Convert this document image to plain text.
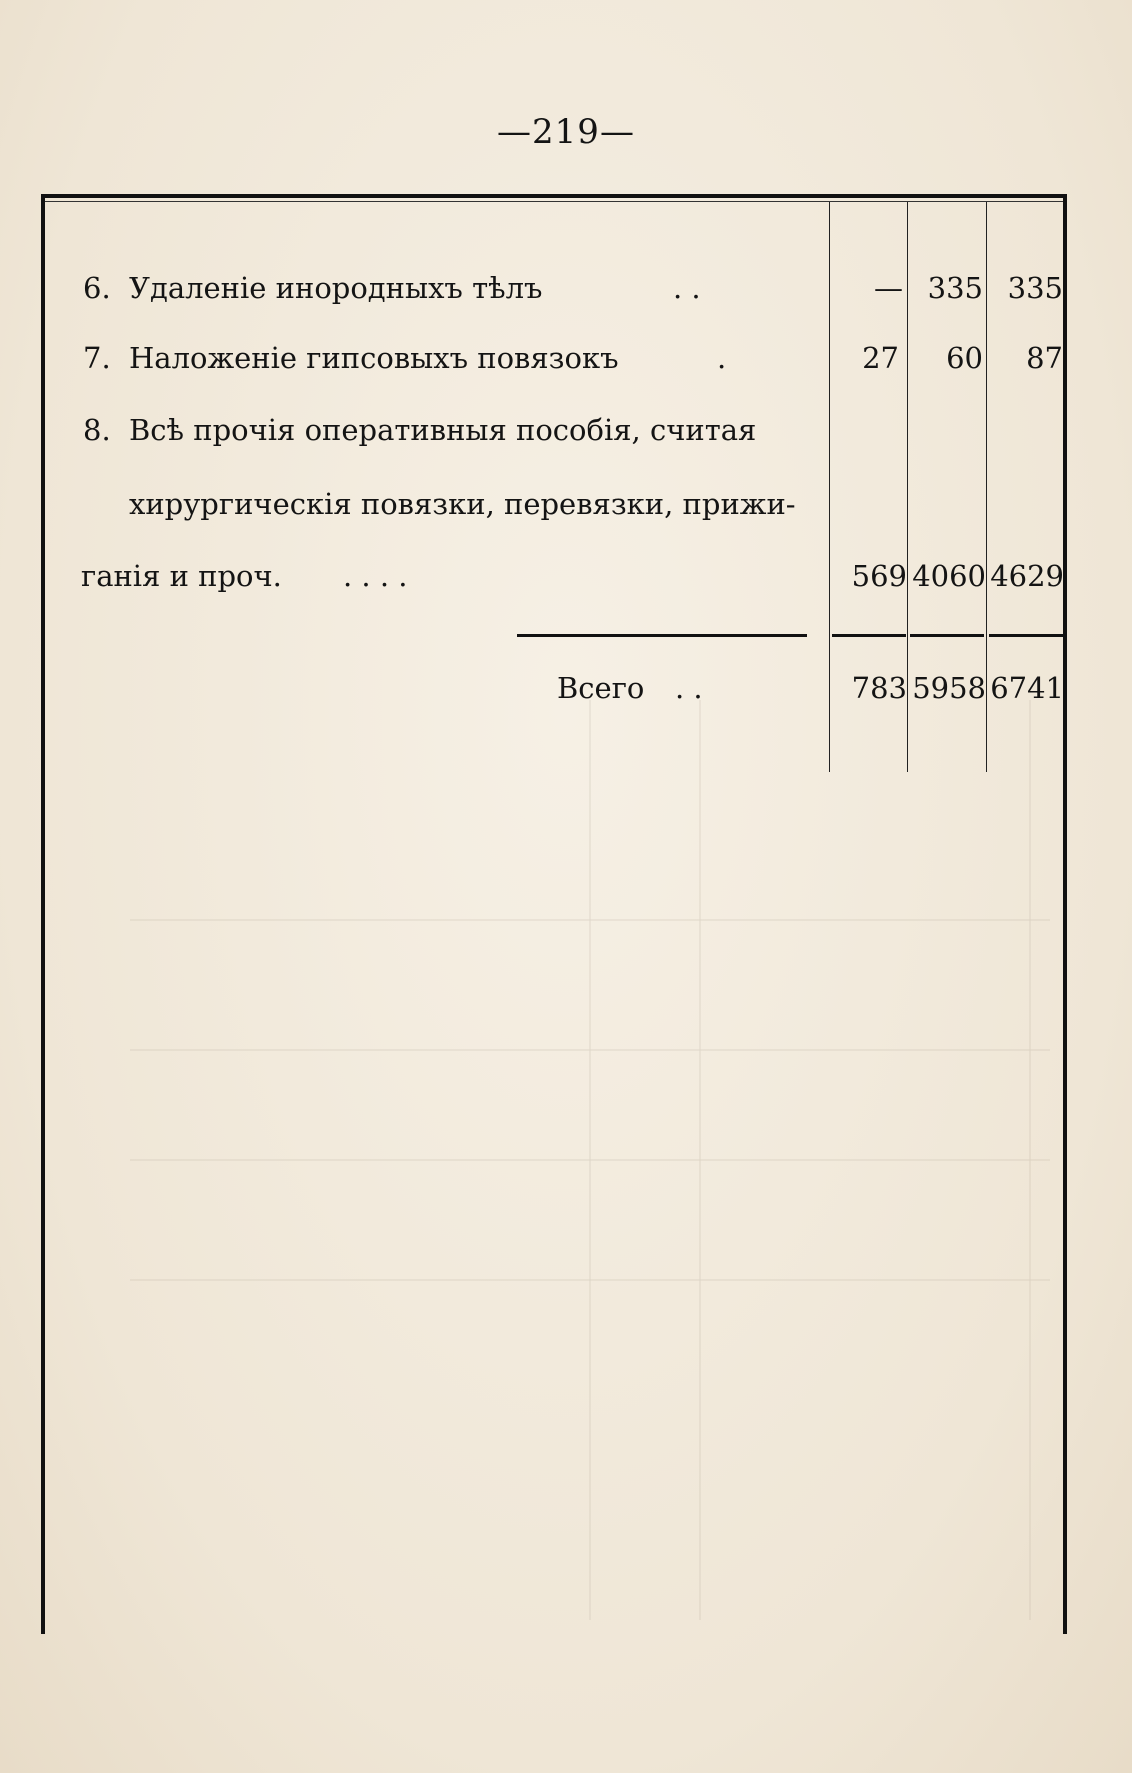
—219—
6. Удаленіе инородныхъ тѣлъ	. .	— 335 335
7. Наложеніе гипсовыхъ повязокъ	.	27	60	87
8. Всѣ прочія оперативныя пособія, считая
хирургическія повязки, перевязки, прижи-
ганія и проч. . . . .	569 4060 4629
Всего . .	783 5958 6741
